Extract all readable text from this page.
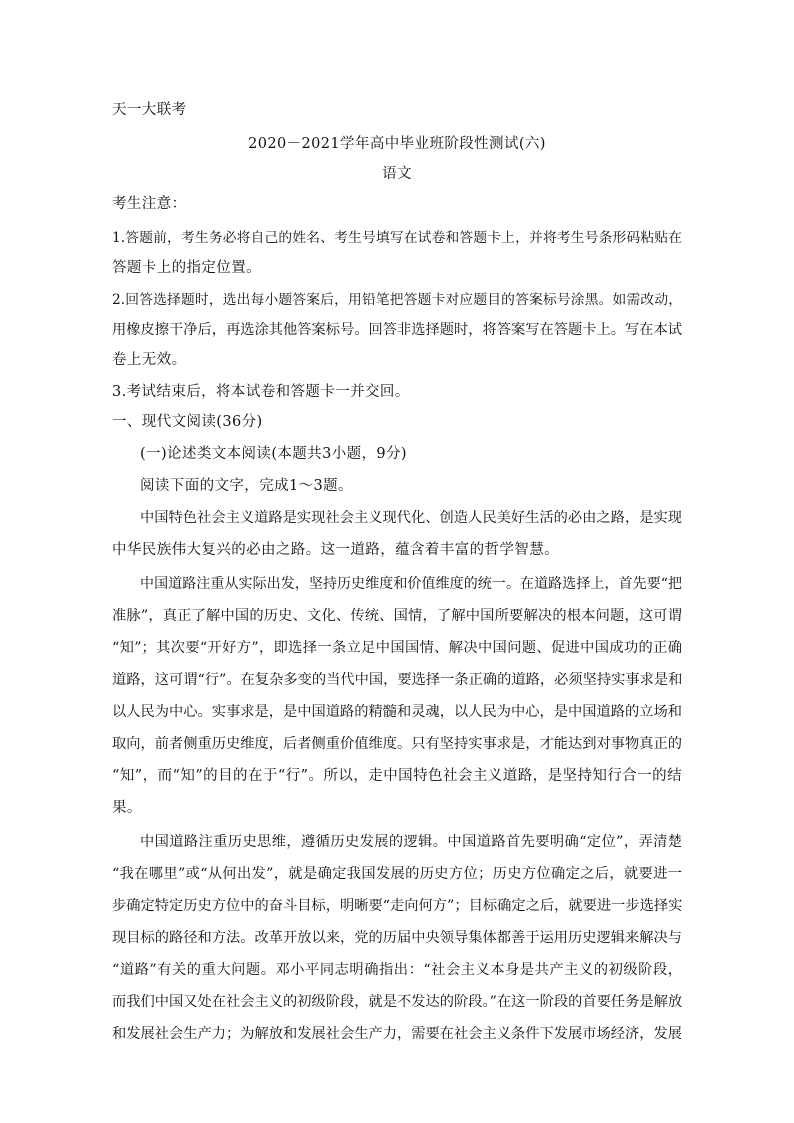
天一大联考
2020－2021学年高中毕业班阶段性测试(六)
语文
考生注意：
1.答题前，考生务必将自己的姓名、考生号填写在试卷和答题卡上，并将考生号条形码粘贴在
答题卡上的指定位置。
2.回答选择题时，选出每小题答案后，用铅笔把答题卡对应题目的答案标号涂黑。如需改动，
用橡皮擦干净后，再选涂其他答案标号。回答非选择题时，将答案写在答题卡上。写在本试
卷上无效。
3.考试结束后，将本试卷和答题卡一并交回。
一、现代文阅读(36分)
(一)论述类文本阅读(本题共3小题，9分)
阅读下面的文字，完成1～3题。
中国特色社会主义道路是实现社会主义现代化、创造人民美好生活的必由之路，是实现
中华民族伟大复兴的必由之路。这一道路，蕴含着丰富的哲学智慧。
中国道路注重从实际出发，坚持历史维度和价值维度的统一。在道路选择上，首先要“把
准脉”，真正了解中国的历史、文化、传统、国情，了解中国所要解决的根本问题，这可谓
“知”；其次要“开好方”，即选择一条立足中国国情、解决中国问题、促进中国成功的正确
道路，这可谓“行”。在复杂多变的当代中国，要选择一条正确的道路，必须坚持实事求是和
以人民为中心。实事求是，是中国道路的精髓和灵魂，以人民为中心，是中国道路的立场和
取向，前者侧重历史维度，后者侧重价值维度。只有坚持实事求是，才能达到对事物真正的
“知”，而“知”的目的在于“行”。所以，走中国特色社会主义道路，是坚持知行合一的结
果。
中国道路注重历史思维，遵循历史发展的逻辑。中国道路首先要明确“定位”，弄清楚
“我在哪里”或“从何出发”，就是确定我国发展的历史方位；历史方位确定之后，就要进一
步确定特定历史方位中的奋斗目标，明晰要“走向何方”；目标确定之后，就要进一步选择实
现目标的路径和方法。改革开放以来，党的历届中央领导集体都善于运用历史逻辑来解决与
“道路”有关的重大问题。邓小平同志明确指出：“社会主义本身是共产主义的初级阶段，
而我们中国又处在社会主义的初级阶段，就是不发达的阶段。”在这一阶段的首要任务是解放
和发展社会生产力；为解放和发展社会生产力，需要在社会主义条件下发展市场经济，发展
